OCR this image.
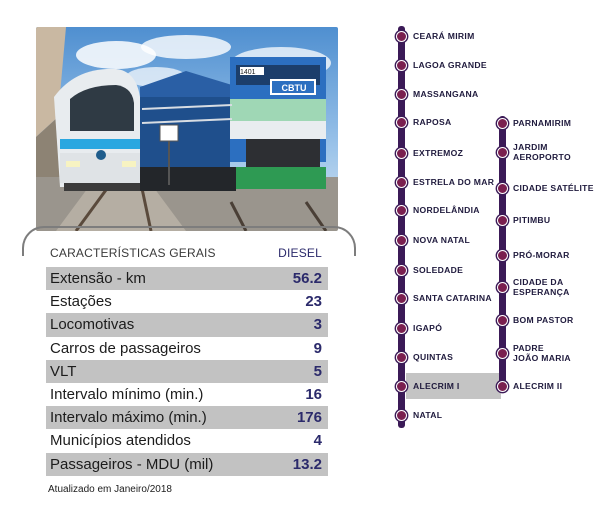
1401
CBTU
CARACTERÍSTICAS GERAIS	DIESEL
Extensão - km	56.2
Estações	23
Locomotivas	3
Carros de passageiros	9
VLT	5
Intervalo mínimo (min.)	16
Intervalo máximo (min.)	176
Municípios atendidos	4
Passageiros - MDU (mil)	13.2
Atualizado em Janeiro/2018
CEARÁ MIRIM
LAGOA GRANDE
MASSANGANA
RAPOSA
EXTREMOZ
ESTRELA DO MAR
NORDELÂNDIA
NOVA NATAL
SOLEDADE
SANTA CATARINA
IGAPÓ
QUINTAS
ALECRIM I
NATAL
PARNAMIRIM
JARDIM
AEROPORTO
CIDADE SATÉLITE
PITIMBU
PRÓ-MORAR
CIDADE DA
ESPERANÇA
BOM PASTOR
PADRE
JOÃO MARIA
ALECRIM II
